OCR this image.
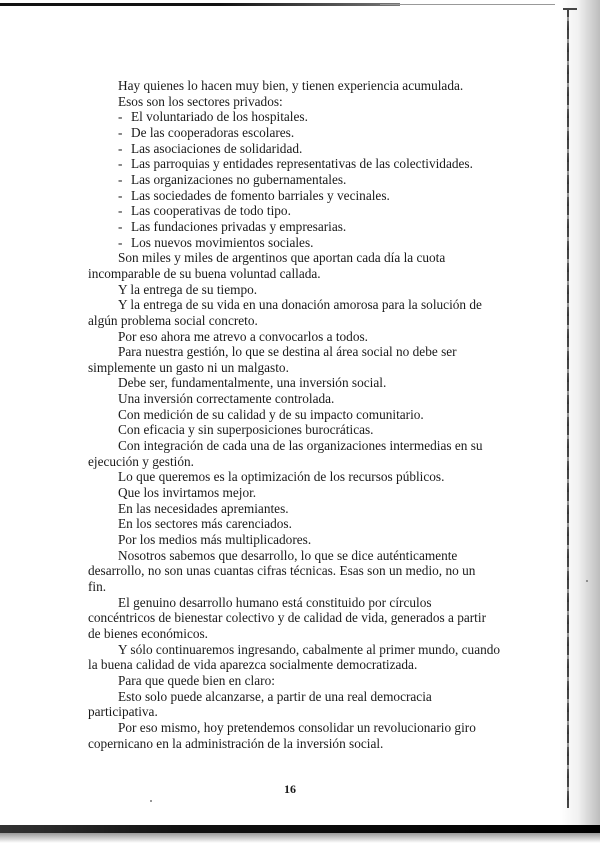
Hay quienes lo hacen muy bien, y tienen experiencia acumulada.

Esos son los sectores privados:

- El voluntariado de los hospitales.

- De las cooperadoras escolares.

- Las asociaciones de solidaridad.

- Las parroquias y entidades representativas de las colectividades.

- Las organizaciones no gubernamentales.

- Las sociedades de fomento barriales y vecinales.

- Las cooperativas de todo tipo.

- Las fundaciones privadas y empresarias.

- Los nuevos movimientos sociales.

Son miles y miles de argentinos que aportan cada día la cuota

incomparable de su buena voluntad callada.

Y la entrega de su tiempo.

Y la entrega de su vida en una donación amorosa para la solución de

algún problema social concreto.

Por eso ahora me atrevo a convocarlos a todos.

Para nuestra gestión, lo que se destina al área social no debe ser

simplemente un gasto ni un malgasto.

Debe ser, fundamentalmente, una inversión social.

Una inversión correctamente controlada.

Con medición de su calidad y de su impacto comunitario.

Con eficacia y sin superposiciones burocráticas.

Con integración de cada una de las organizaciones intermedias en su

ejecución y gestión.

Lo que queremos es la optimización de los recursos públicos.

Que los invirtamos mejor.

En las necesidades apremiantes.

En los sectores más carenciados.

Por los medios más multiplicadores.

Nosotros sabemos que desarrollo, lo que se dice auténticamente

desarrollo, no son unas cuantas cifras técnicas. Esas son un medio, no un

fin.

El genuino desarrollo humano está constituido por círculos

concéntricos de bienestar colectivo y de calidad de vida, generados a partir

de bienes económicos.

Y sólo continuaremos ingresando, cabalmente al primer mundo, cuando

la buena calidad de vida aparezca socialmente democratizada.

Para que quede bien en claro:

Esto solo puede alcanzarse, a partir de una real democracia

participativa.

Por eso mismo, hoy pretendemos consolidar un revolucionario giro

copernicano en la administración de la inversión social.

16
